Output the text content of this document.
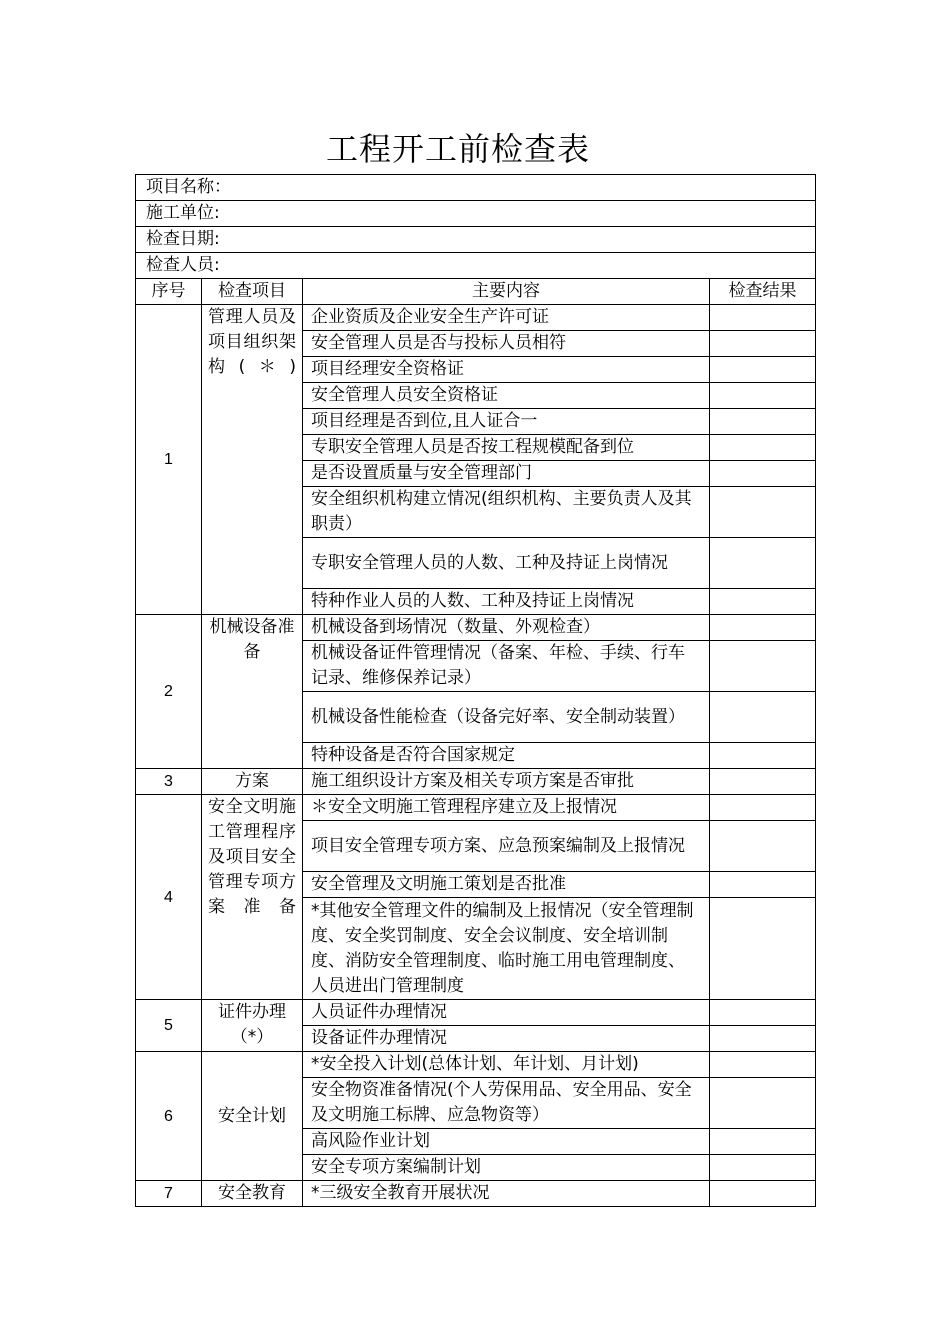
工程开工前检查表
项目名称：			
施工单位:			
检查日期:			
检查人员:			
序号	检查项目	主要内容	检查结果
1	管理人员及项目组织架构(＊)	企业资质及企业安全生产许可证	
		安全管理人员是否与投标人员相符	
		项目经理安全资格证	
		安全管理人员安全资格证	
		项目经理是否到位,且人证合一	
		专职安全管理人员是否按工程规模配备到位	
		是否设置质量与安全管理部门	
		安全组织机构建立情况(组织机构、主要负责人及其职责）	
		专职安全管理人员的人数、工种及持证上岗情况	
		特种作业人员的人数、工种及持证上岗情况	
2	机械设备准备	机械设备到场情况（数量、外观检查）	
		机械设备证件管理情况（备案、年检、手续、行车记录、维修保养记录）	
		机械设备性能检查（设备完好率、安全制动装置）	
		特种设备是否符合国家规定	
3	方案	施工组织设计方案及相关专项方案是否审批	
4	安全文明施工管理程序及项目安全管理专项方案准备	＊安全文明施工管理程序建立及上报情况	
		项目安全管理专项方案、应急预案编制及上报情况	
		安全管理及文明施工策划是否批准	
		*其他安全管理文件的编制及上报情况（安全管理制度、安全奖罚制度、安全会议制度、安全培训制度、消防安全管理制度、临时施工用电管理制度、人员进出门管理制度	
5	证件办理（*）	人员证件办理情况	
		设备证件办理情况	
6	安全计划	*安全投入计划(总体计划、年计划、月计划)	
		安全物资准备情况(个人劳保用品、安全用品、安全及文明施工标牌、应急物资等）	
		高风险作业计划	
		安全专项方案编制计划	
7	安全教育	*三级安全教育开展状况	
